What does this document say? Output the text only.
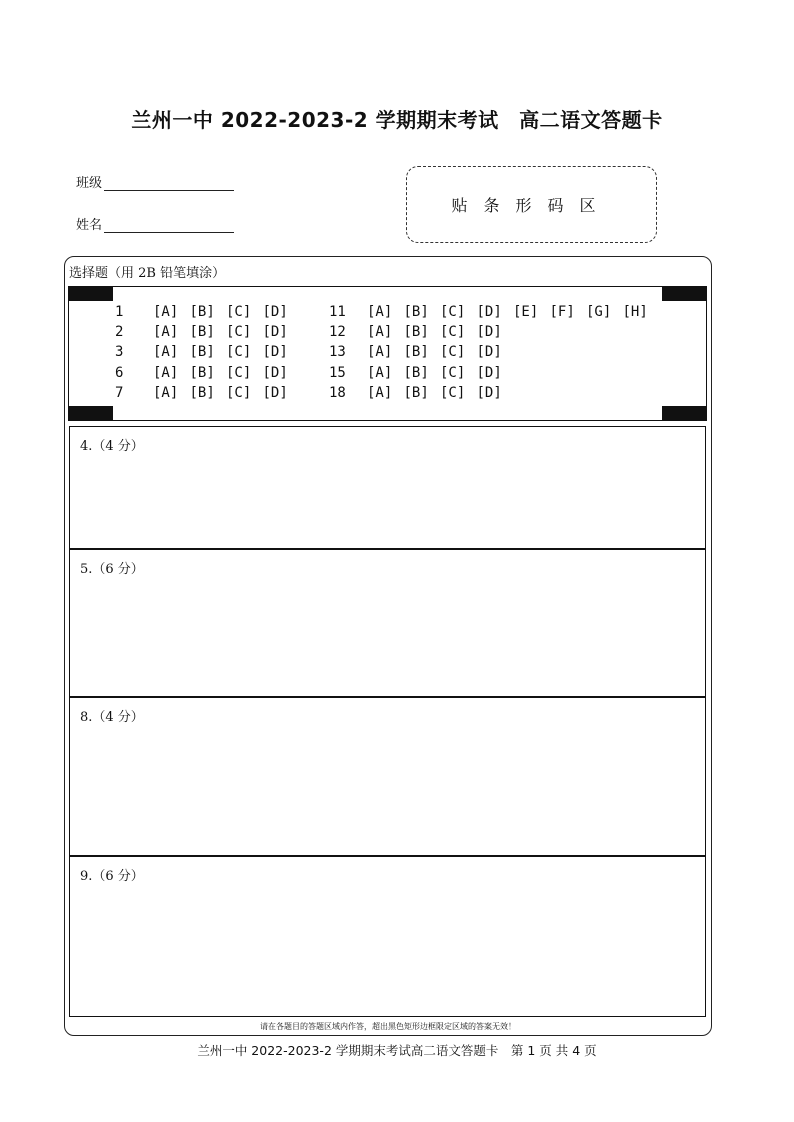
兰州一中 2022-2023-2 学期期末考试　高二语文答题卡
班级
姓名
贴条形码区
选择题（用 2B 铅笔填涂）
1 [A] [B] [C] [D]	11 [A] [B] [C] [D] [E] [F] [G] [H]
2 [A] [B] [C] [D]	12 [A] [B] [C] [D]
3 [A] [B] [C] [D]	13 [A] [B] [C] [D]
6 [A] [B] [C] [D]	15 [A] [B] [C] [D]
7 [A] [B] [C] [D]	18 [A] [B] [C] [D]
4.（4 分）
5.（6 分）
8.（4 分）
9.（6 分）
请在各题目的答题区域内作答，超出黑色矩形边框限定区域的答案无效！
兰州一中 2022-2023-2 学期期末考试高二语文答题卡　第 1 页 共 4 页
